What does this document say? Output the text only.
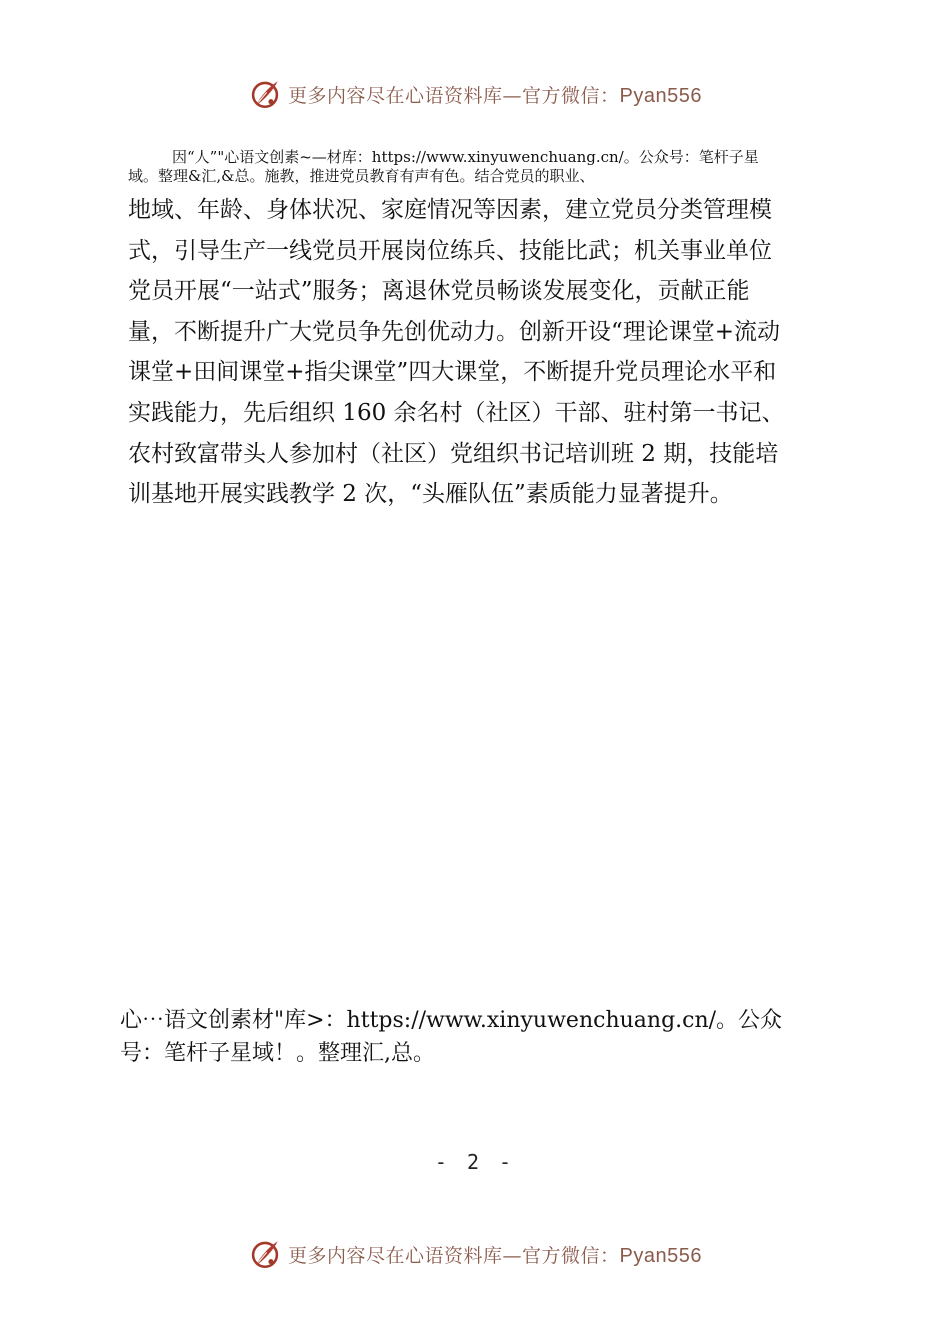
更多内容尽在心语资料库—官方微信：Pyan556
因“人”"心语文创素~—材库：https://www.xinyuwenchuang.cn/。公众号：笔杆子星
域。整理&汇,&总。施教，推进党员教育有声有色。结合党员的职业、
地域、年龄、身体状况、家庭情况等因素，建立党员分类管理模
式，引导生产一线党员开展岗位练兵、技能比武；机关事业单位
党员开展“一站式”服务；离退休党员畅谈发展变化，贡献正能
量，不断提升广大党员争先创优动力。创新开设“理论课堂+流动
课堂+田间课堂+指尖课堂”四大课堂，不断提升党员理论水平和
实践能力，先后组织 160 余名村（社区）干部、驻村第一书记、
农村致富带头人参加村（社区）党组织书记培训班 2 期，技能培
训基地开展实践教学 2 次，“头雁队伍”素质能力显著提升。
心⋯语文创素材"库>：https://www.xinyuwenchuang.cn/。公众
号：笔杆子星域！。整理汇,总。
- 2 -
更多内容尽在心语资料库—官方微信：Pyan556
